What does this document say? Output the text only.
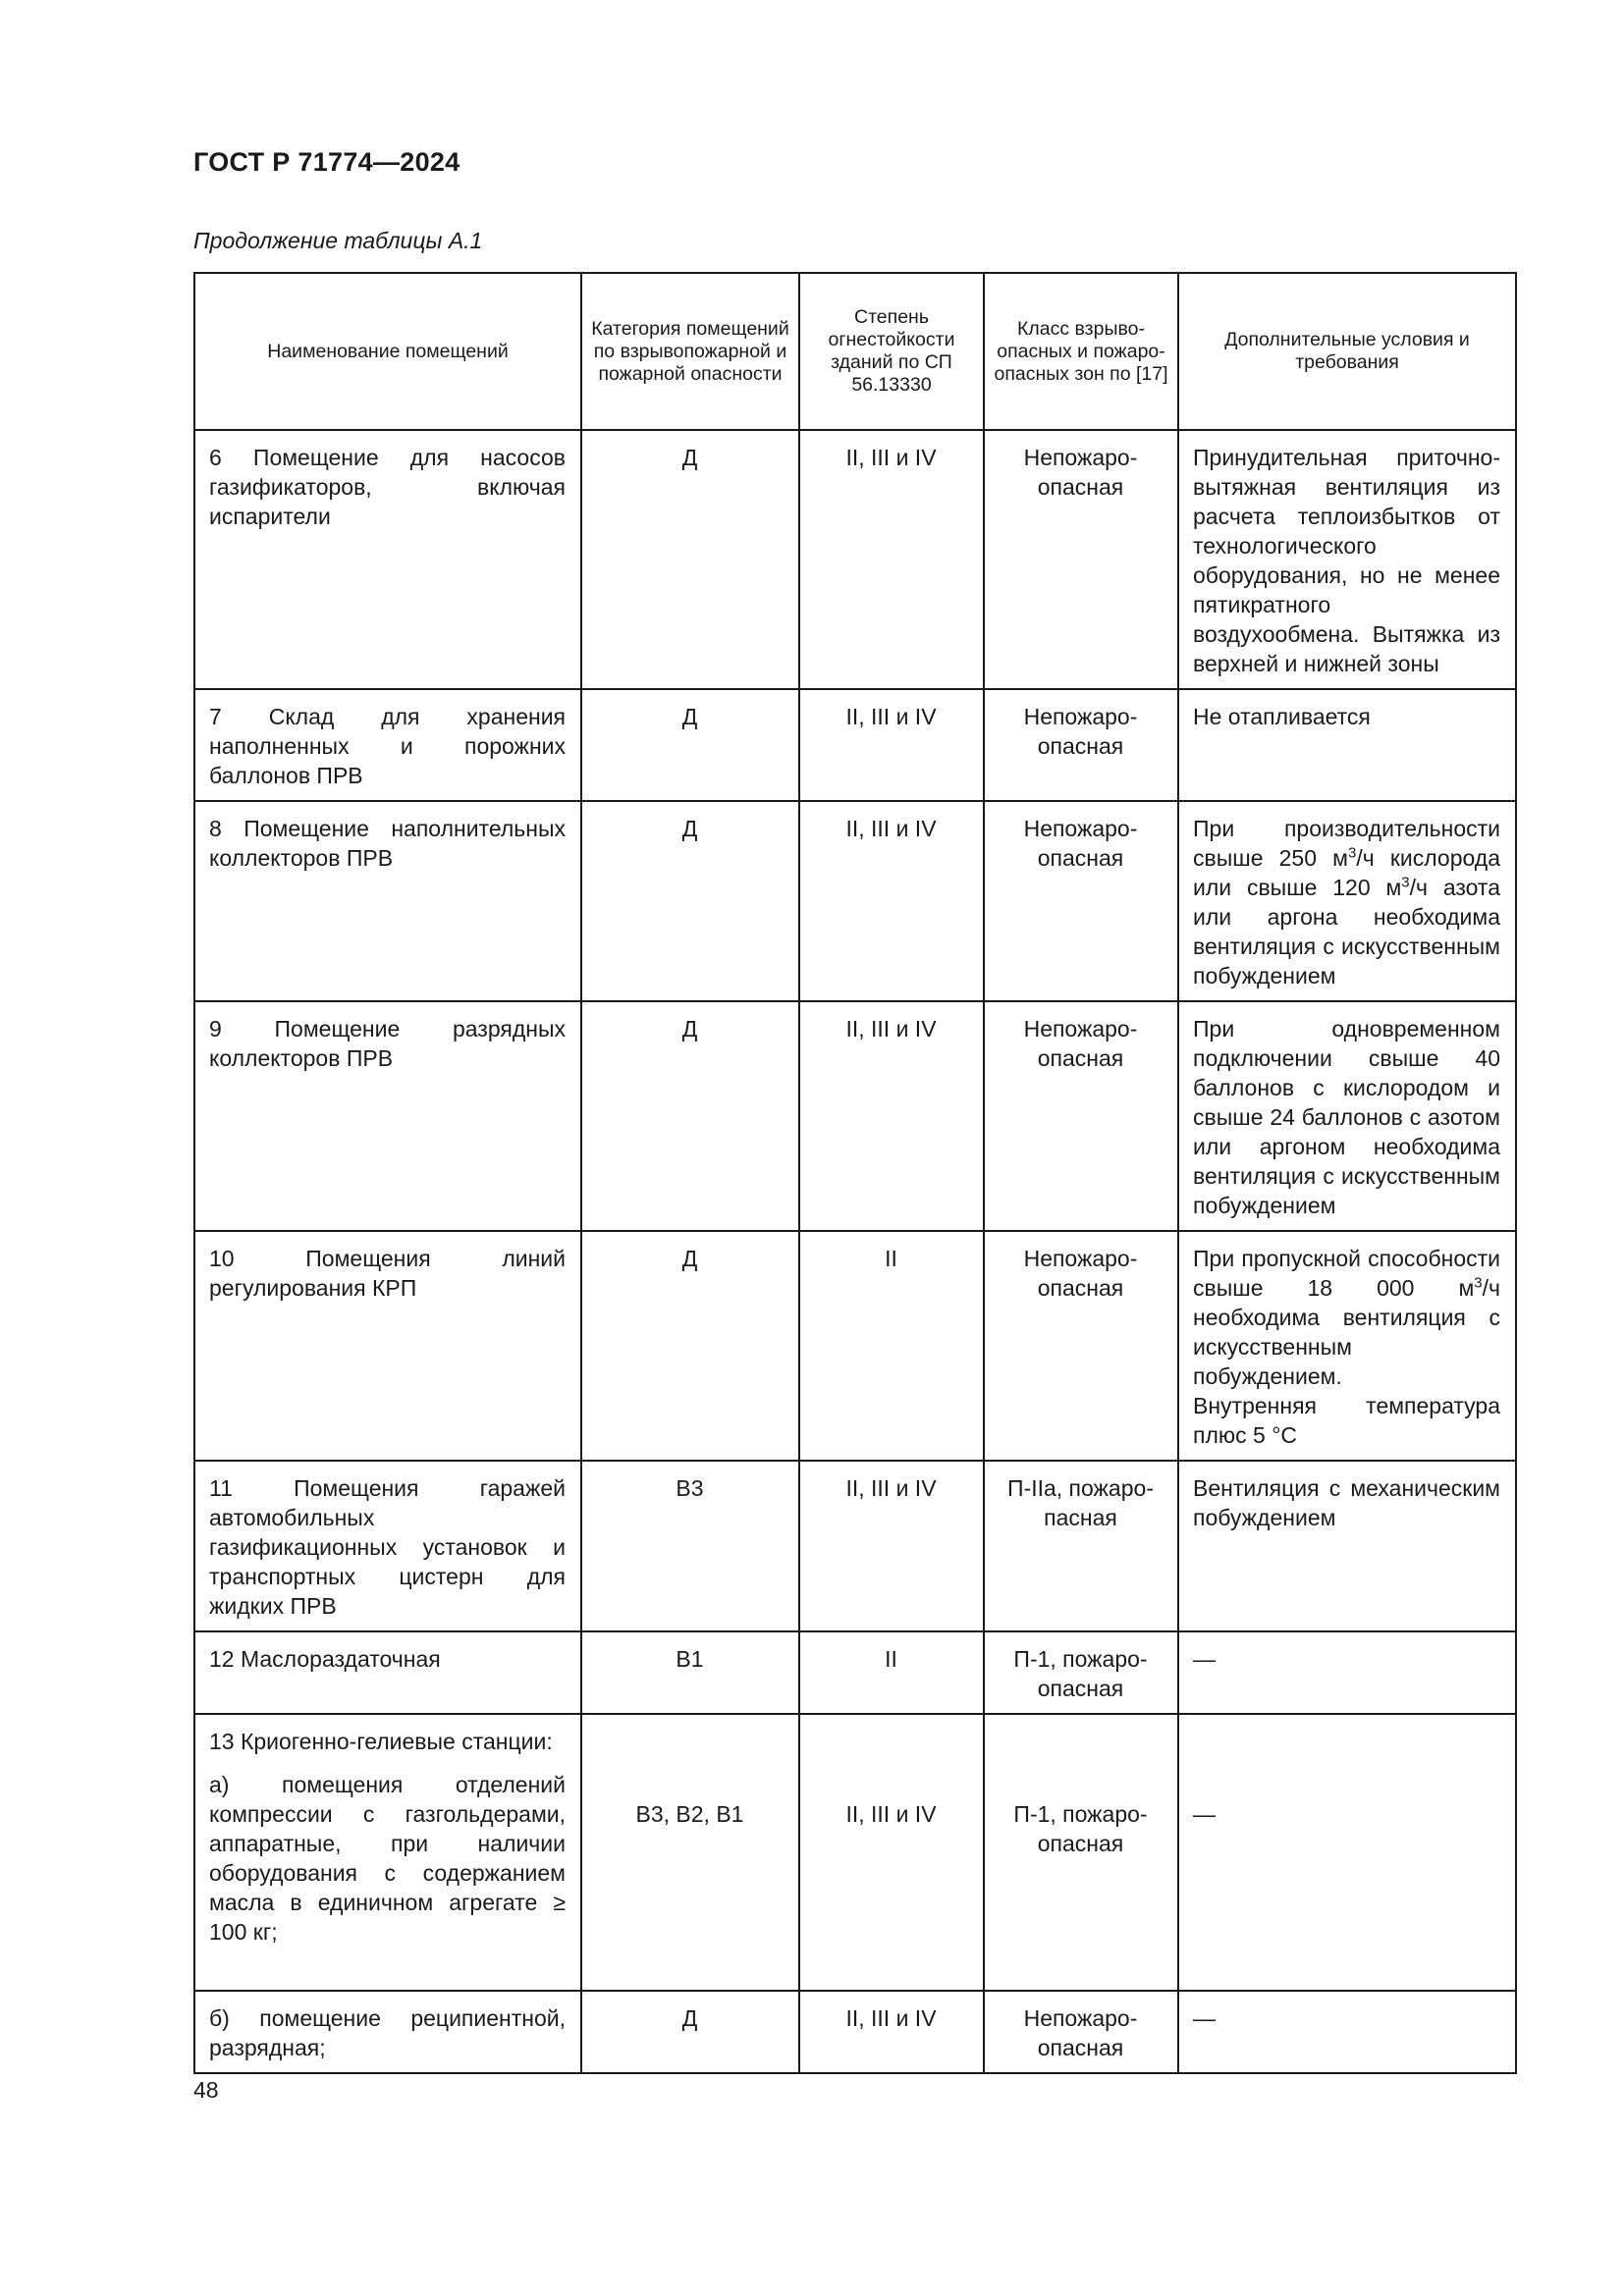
ГОСТ Р 71774—2024
Продолжение таблицы А.1
Наименование помещений	Категория помещений по взрывопожарной и пожарной опасности	Степень огнестойкости зданий по СП 56.13330	Класс взрывоопасных и пожароопасных зон по [17]	Дополнительные условия и требования
6 Помещение для насосов газификаторов, включая испарители	Д	II, III и IV	Непожароопасная	Принудительная приточно-вытяжная вентиляция из расчета теплоизбытков от технологического оборудования, но не менее пятикратного воздухообмена. Вытяжка из верхней и нижней зоны
7 Склад для хранения наполненных и порожних баллонов ПРВ	Д	II, III и IV	Непожароопасная	Не отапливается
8 Помещение наполнительных коллекторов ПРВ	Д	II, III и IV	Непожароопасная	При производительности свыше 250 $м^3/ч$ кислорода или свыше 120 $м^3/ч$ азота или аргона необходима вентиляция с искусственным побуждением
9 Помещение разрядных коллекторов ПРВ	Д	II, III и IV	Непожароопасная	При одновременном подключении свыше 40 баллонов с кислородом и свыше 24 баллонов с азотом или аргоном необходима вентиляция с искусственным побуждением
10 Помещения линий регулирования КРП	Д	II	Непожароопасная	При пропускной способности свыше 18 000 $м^3/ч$ необходима вентиляция с искусственным побуждением.
Внутренняя температура плюс 5 °С
11 Помещения гаражей автомобильных газификационных установок и транспортных цистерн для жидких ПРВ	В3	II, III и IV	П-IIа, пожаропасная	Вентиляция с механическим побуждением
12 Маслораздаточная	В1	II	П-1, пожароопасная	—

13 Криогенно-гелиевые станции:
а) помещения отделений компрессии с газгольдерами, аппаратные, при наличии оборудования с содержанием масла в единичном агрегате ≥ 100 кг;	В3, В2, В1	II, III и IV	П-1, пожароопасная	—

б) помещение реципиентной, разрядная;	Д	II, III и IV	Непожароопасная	—
48
